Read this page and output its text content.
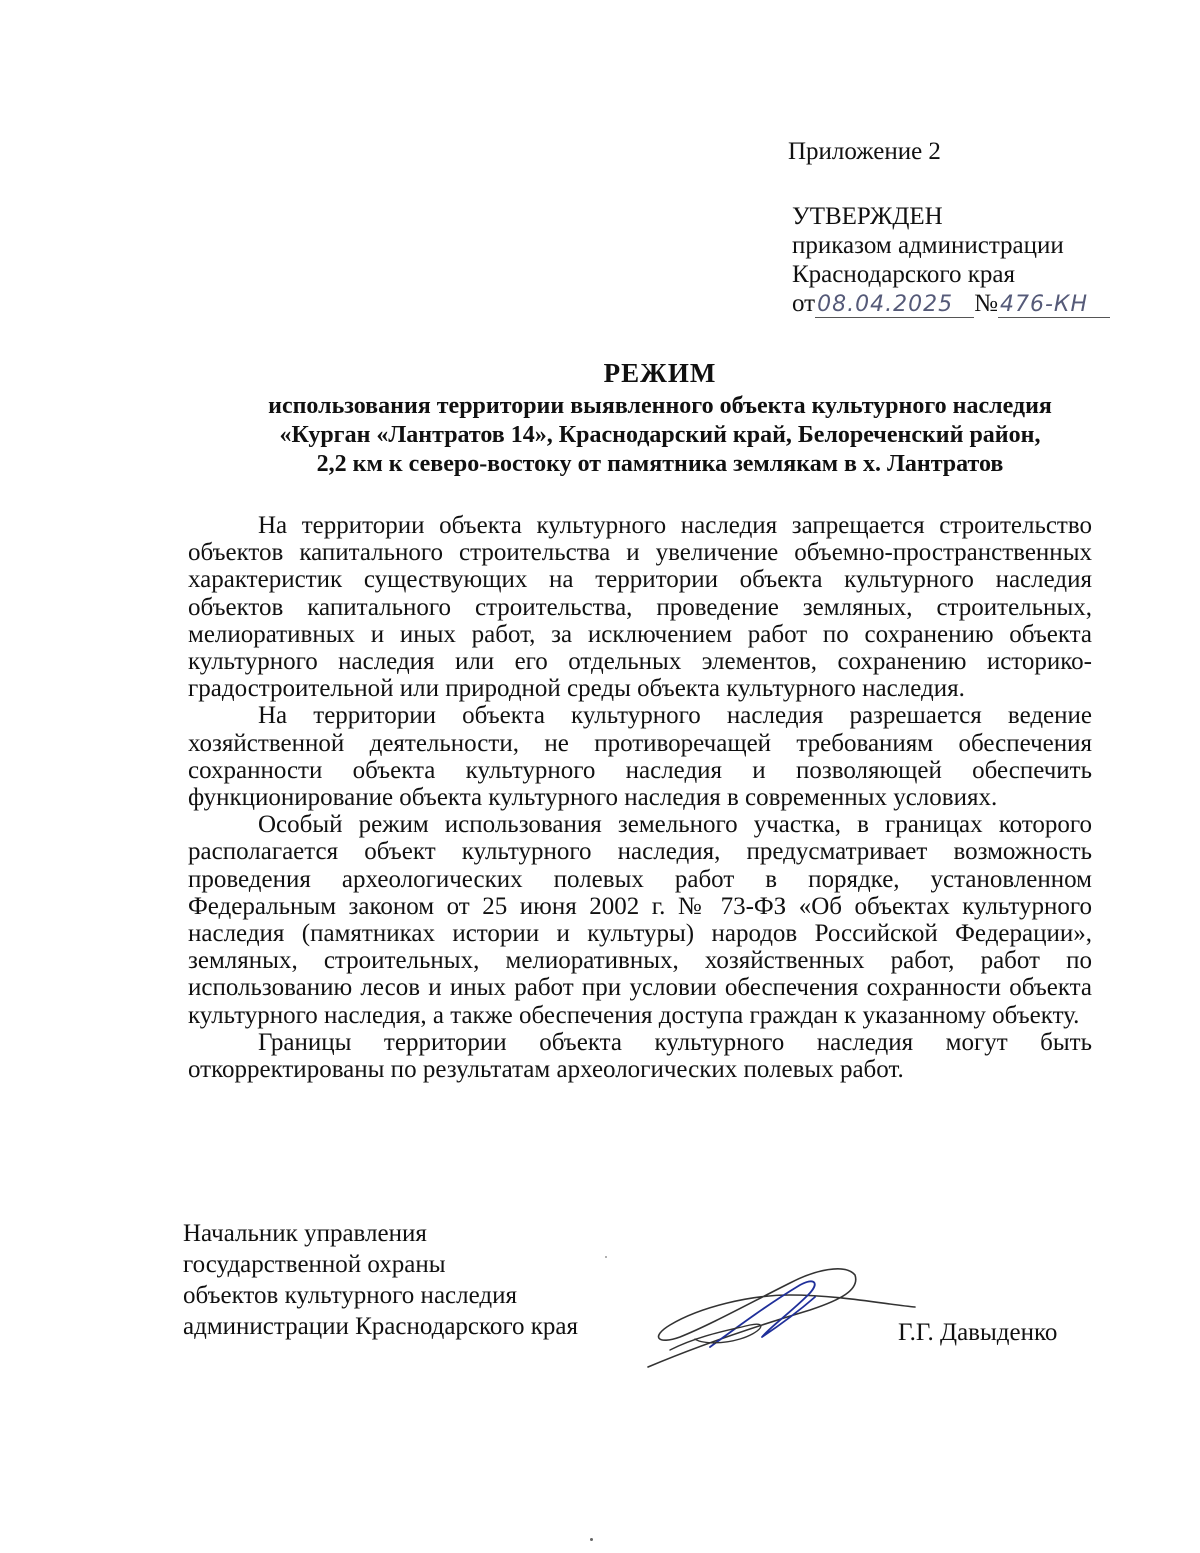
Приложение 2
УТВЕРЖДЕН
приказом администрации
Краснодарского края
от08.04.2025 №476-КН
РЕЖИМ
использования территории выявленного объекта культурного наследия
«Курган «Лантратов 14», Краснодарский край, Белореченский район,
2,2 км к северо-востоку от памятника землякам в х. Лантратов

На территории объекта культурного наследия запрещается строительство объектов капитального строительства и увеличение объемно-пространственных характеристик существующих на территории объекта культурного наследия объектов капитального строительства, проведение земляных, строительных, мелиоративных и иных работ, за исключением работ по сохранению объекта культурного наследия или его отдельных элементов, сохранению историко-градостроительной или природной среды объекта культурного наследия.

На территории объекта культурного наследия разрешается ведение хозяйственной деятельности, не противоречащей требованиям обеспечения сохранности объекта культурного наследия и позволяющей обеспечить функционирование объекта культурного наследия в современных условиях.

Особый режим использования земельного участка, в границах которого располагается объект культурного наследия, предусматривает возможность проведения археологических полевых работ в порядке, установленном Федеральным законом от 25 июня 2002 г. № 73-ФЗ «Об объектах культурного наследия (памятниках истории и культуры) народов Российской Федерации», земляных, строительных, мелиоративных, хозяйственных работ, работ по использованию лесов и иных работ при условии обеспечения сохранности объекта культурного наследия, а также обеспечения доступа граждан к указанному объекту.

Границы территории объекта культурного наследия могут быть откорректированы по результатам археологических полевых работ.

Начальник управления
государственной охраны
объектов культурного наследия
администрации Краснодарского края	Г.Г. Давыденко
